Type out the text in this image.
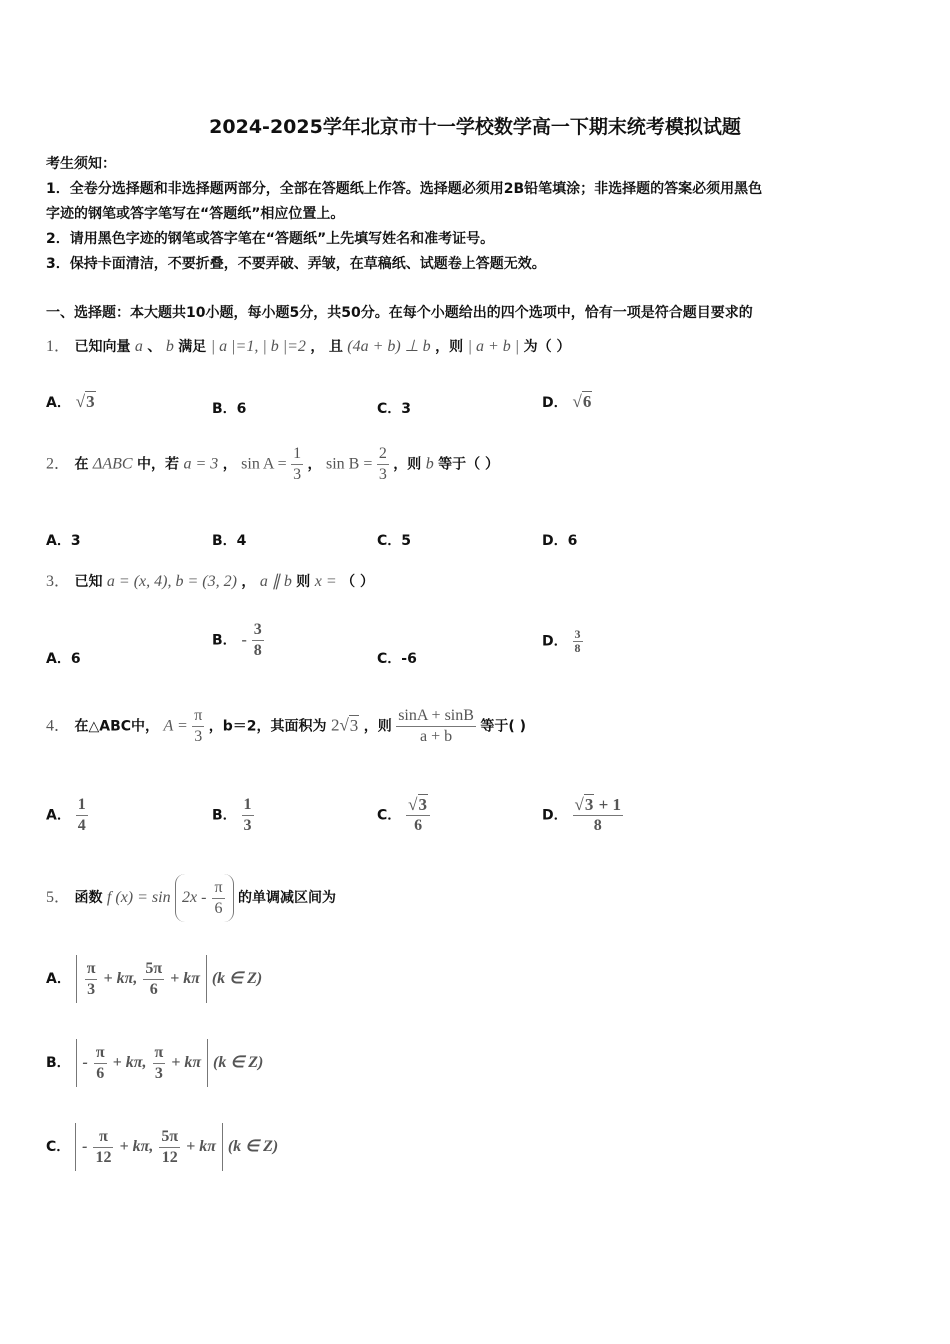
2024-2025学年北京市十一学校数学高一下期末统考模拟试题
考生须知：
1．全卷分选择题和非选择题两部分，全部在答题纸上作答。选择题必须用2B铅笔填涂；非选择题的答案必须用黑色
字迹的钢笔或答字笔写在“答题纸”相应位置上。
2．请用黑色字迹的钢笔或答字笔在“答题纸”上先填写姓名和准考证号。
3．保持卡面清洁，不要折叠，不要弄破、弄皱，在草稿纸、试题卷上答题无效。
一、选择题：本大题共10小题，每小题5分，共50分。在每个小题给出的四个选项中，恰有一项是符合题目要求的
1． 已知向量 a 、 b 满足 | a |=1, | b |=2 ， 且 (4a + b) ⊥ b ，则 | a + b | 为（ ）
A． √3	B．6	C．3	D． √6
2． 在 ΔABC 中，若 a = 3 ， $\sin A = \frac{1}{3}$ ， $\sin B = \frac{2}{3}$ ，则 b 等于（ ）
A．3	B．4	C．5	D．6
3． 已知 a = (x, 4), b = (3, 2) ， a ∥ b 则 x = （ ）
A．6
B． - $\frac{3}{8}$	C．-6
D． $\frac{3}{8}$
4． 在△ABC中， $A = \frac{\pi}{3}$ ，b＝2，其面积为 2√3 ，则 $\frac{\sin A + \sin B}{a + b}$ 等于( )
A． $\frac{1}{4}$	B． $\frac{1}{3}$	C． $\frac{√3}{6}$	D． $\frac{√3 + 1}{8}$
5． 函数 f $(x) = \sin 2x - \frac{\pi}{6}$ 的单调减区间为
A． $\frac{\pi}{3} + k\pi$, $\frac{5\pi}{6} + k\pi$ (k ∈ Z)
B． - $\frac{\pi}{6} + k\pi$, $\frac{\pi}{3} + k\pi$ (k ∈ Z)
C． - $\frac{\pi}{12} + k\pi$, $\frac{5\pi}{12} + k\pi$ (k ∈ Z)
